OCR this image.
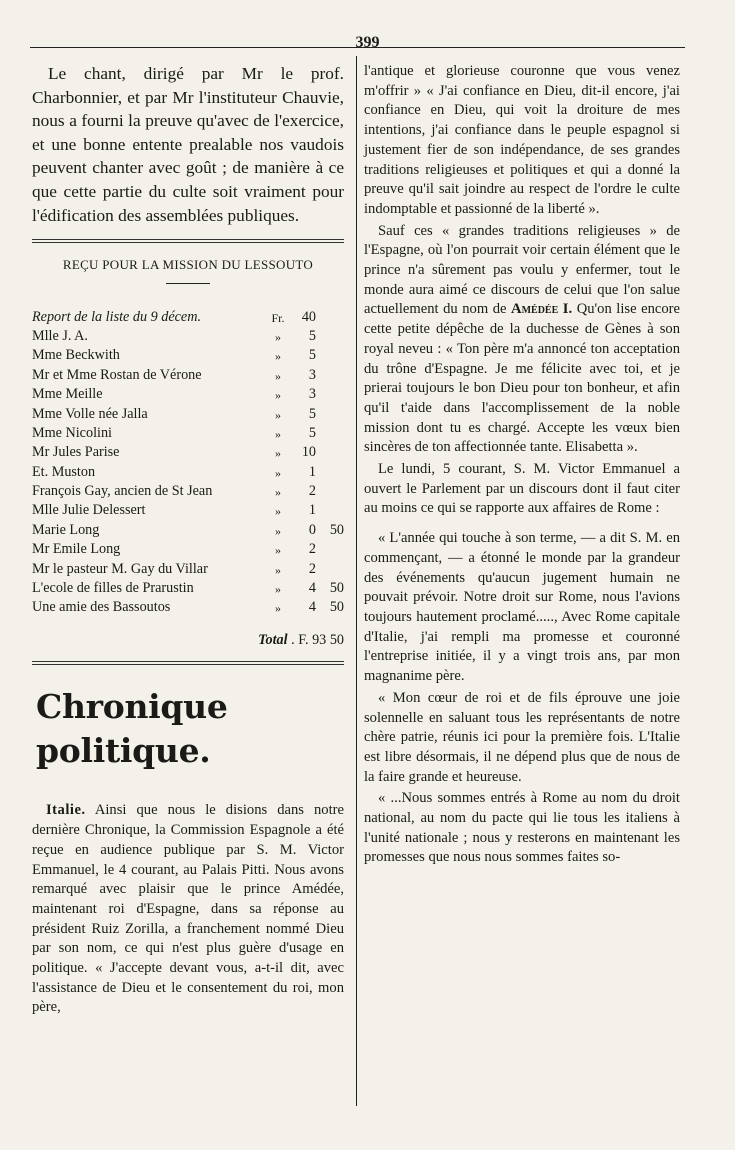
399

Le chant, dirigé par Mr le prof. Charbonnier, et par Mr l'instituteur Chauvie, nous a fourni la preuve qu'avec de l'exercice, et une bonne entente prealable nos vaudois peuvent chanter avec goût ; de manière à ce que cette partie du culte soit vraiment pour l'édification des assemblées publiques.

REÇU POUR LA MISSION DU LESSOUTO
Report de la liste du 9 décem.	Fr.	40	
Mlle J. A.	»	5	
Mme Beckwith	»	5	
Mr et Mme Rostan de Vérone	»	3	
Mme Meille	»	3	
Mme Volle née Jalla	»	5	
Mme Nicolini	»	5	
Mr Jules Parise	»	10	
Et. Muston	»	1	
François Gay, ancien de St Jean	»	2	
Mlle Julie Delessert	»	1	
Marie Long	»	0	50
Mr Emile Long	»	2	
Mr le pasteur M. Gay du Villar	»	2	
L'ecole de filles de Prarustin	»	4	50
Une amie des Bassoutos	»	4	50
Total . F. 93 50
Chronique politique.

Italie. Ainsi que nous le disions dans notre dernière Chronique, la Commission Espagnole a été reçue en audience publique par S. M. Victor Emmanuel, le 4 courant, au Palais Pitti. Nous avons remarqué avec plaisir que le prince Amédée, maintenant roi d'Espagne, dans sa réponse au président Ruiz Zorilla, a franchement nommé Dieu par son nom, ce qui n'est plus guère d'usage en politique. « J'accepte devant vous, a-t-il dit, avec l'assistance de Dieu et le consentement du roi, mon père,

l'antique et glorieuse couronne que vous venez m'offrir » « J'ai confiance en Dieu, dit-il encore, j'ai confiance en Dieu, qui voit la droiture de mes intentions, j'ai confiance dans le peuple espagnol si justement fier de son indépendance, de ses grandes traditions religieuses et politiques et qui a donné la preuve qu'il sait joindre au respect de l'ordre le culte indomptable et passionné de la liberté ».

Sauf ces « grandes traditions religieuses » de l'Espagne, où l'on pourrait voir certain élément que le prince n'a sûrement pas voulu y enfermer, tout le monde aura aimé ce discours de celui que l'on salue actuellement du nom de Amédée I. Qu'on lise encore cette petite dépêche de la duchesse de Gènes à son royal neveu : « Ton père m'a annoncé ton acceptation du trône d'Espagne. Je me félicite avec toi, et je prierai toujours le bon Dieu pour ton bonheur, et afin qu'il t'aide dans l'accomplissement de la noble mission dont tu es chargé. Accepte les vœux bien sincères de ton affectionnée tante. Elisabetta ».

Le lundi, 5 courant, S. M. Victor Emmanuel a ouvert le Parlement par un discours dont il faut citer au moins ce qui se rapporte aux affaires de Rome :

« L'année qui touche à son terme, — a dit S. M. en commençant, — a étonné le monde par la grandeur des événements qu'aucun jugement humain ne pouvait prévoir. Notre droit sur Rome, nous l'avions toujours hautement proclamé....., Avec Rome capitale d'Italie, j'ai rempli ma promesse et couronné l'entreprise initiée, il y a vingt trois ans, par mon magnanime père.

« Mon cœur de roi et de fils éprouve une joie solennelle en saluant tous les représentants de notre chère patrie, réunis ici pour la première fois. L'Italie est libre désormais, il ne dépend plus que de nous de la faire grande et heureuse.

« ...Nous sommes entrés à Rome au nom du droit national, au nom du pacte qui lie tous les italiens à l'unité nationale ; nous y resterons en maintenant les promesses que nous nous sommes faites so-
